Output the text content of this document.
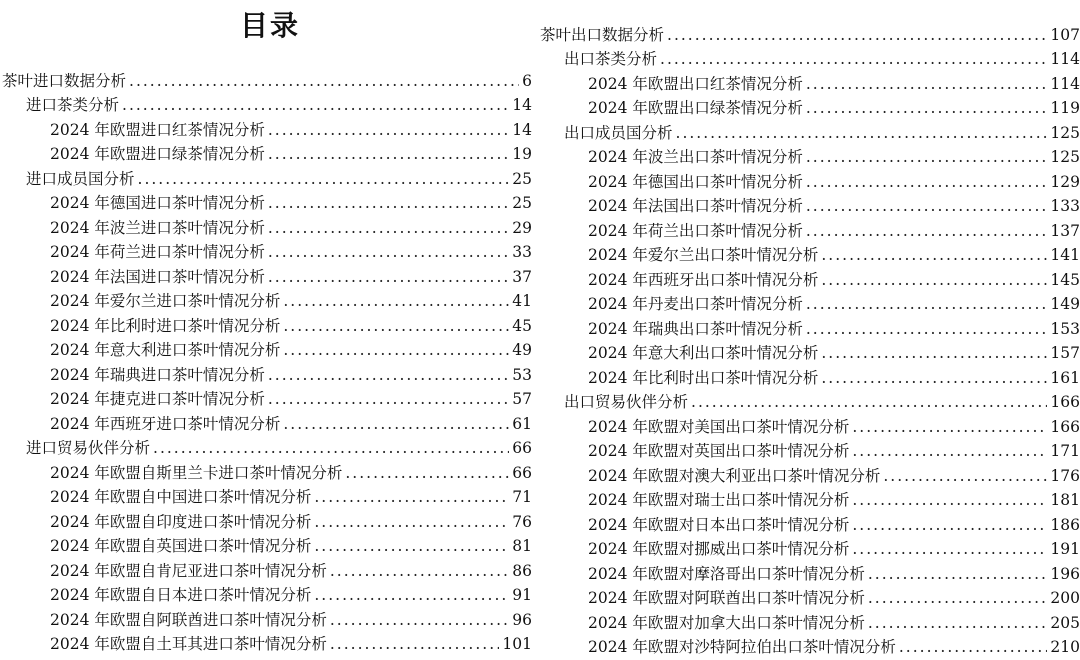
目录
茶叶进口数据分析 .....	6
进口茶类分析 .....	14
2024 年欧盟进口红茶情况分析 .....	14
2024 年欧盟进口绿茶情况分析 .....	19
进口成员国分析 .....	25
2024 年德国进口茶叶情况分析 .....	25
2024 年波兰进口茶叶情况分析 .....	29
2024 年荷兰进口茶叶情况分析 .....	33
2024 年法国进口茶叶情况分析 .....	37
2024 年爱尔兰进口茶叶情况分析 .....	41
2024 年比利时进口茶叶情况分析 .....	45
2024 年意大利进口茶叶情况分析 .....	49
2024 年瑞典进口茶叶情况分析 .....	53
2024 年捷克进口茶叶情况分析 .....	57
2024 年西班牙进口茶叶情况分析 .....	61
进口贸易伙伴分析 .....	66
2024 年欧盟自斯里兰卡进口茶叶情况分析 .....	66
2024 年欧盟自中国进口茶叶情况分析 .....	71
2024 年欧盟自印度进口茶叶情况分析 .....	76
2024 年欧盟自英国进口茶叶情况分析 .....	81
2024 年欧盟自肯尼亚进口茶叶情况分析 .....	86
2024 年欧盟自日本进口茶叶情况分析 .....	91
2024 年欧盟自阿联酋进口茶叶情况分析 .....	96
2024 年欧盟自土耳其进口茶叶情况分析 .....	101
茶叶出口数据分析 .....	107
出口茶类分析 .....	114
2024 年欧盟出口红茶情况分析 .....	114
2024 年欧盟出口绿茶情况分析 .....	119
出口成员国分析 .....	125
2024 年波兰出口茶叶情况分析 .....	125
2024 年德国出口茶叶情况分析 .....	129
2024 年法国出口茶叶情况分析 .....	133
2024 年荷兰出口茶叶情况分析 .....	137
2024 年爱尔兰出口茶叶情况分析 .....	141
2024 年西班牙出口茶叶情况分析 .....	145
2024 年丹麦出口茶叶情况分析 .....	149
2024 年瑞典出口茶叶情况分析 .....	153
2024 年意大利出口茶叶情况分析 .....	157
2024 年比利时出口茶叶情况分析 .....	161
出口贸易伙伴分析 .....	166
2024 年欧盟对美国出口茶叶情况分析 .....	166
2024 年欧盟对英国出口茶叶情况分析 .....	171
2024 年欧盟对澳大利亚出口茶叶情况分析 .....	176
2024 年欧盟对瑞士出口茶叶情况分析 .....	181
2024 年欧盟对日本出口茶叶情况分析 .....	186
2024 年欧盟对挪威出口茶叶情况分析 .....	191
2024 年欧盟对摩洛哥出口茶叶情况分析 .....	196
2024 年欧盟对阿联酋出口茶叶情况分析 .....	200
2024 年欧盟对加拿大出口茶叶情况分析 .....	205
2024 年欧盟对沙特阿拉伯出口茶叶情况分析 .....	210
